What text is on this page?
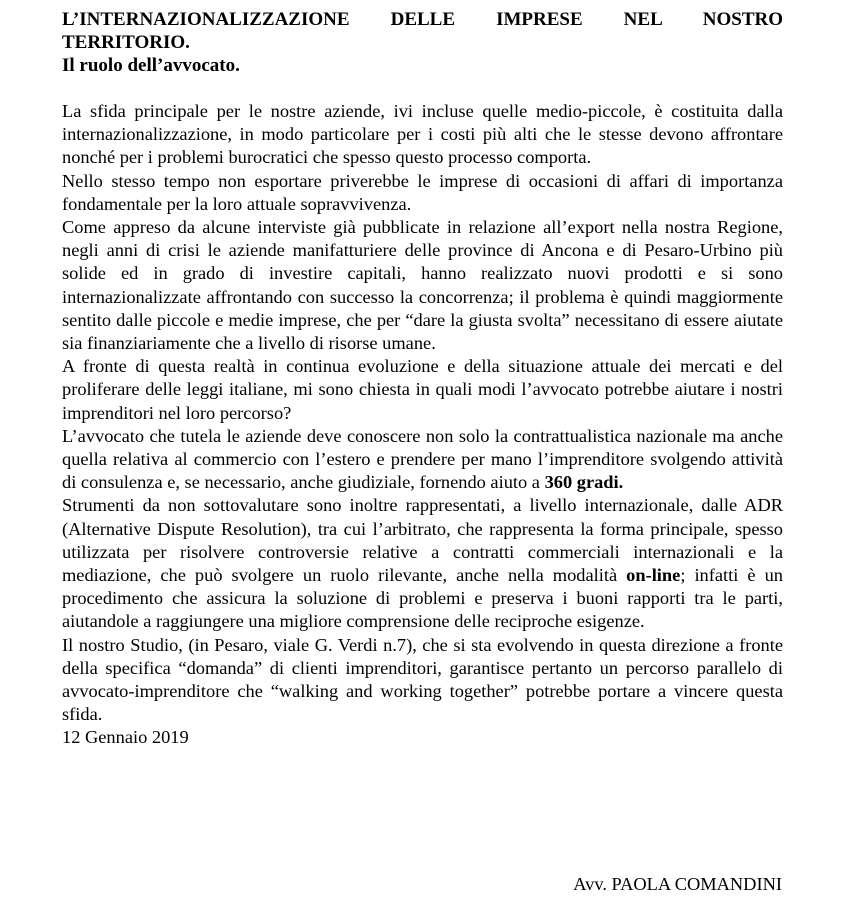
L’INTERNAZIONALIZZAZIONE DELLE IMPRESE NEL NOSTRO
TERRITORIO.

Il ruolo dell’avvocato.

La sfida principale per le nostre aziende, ivi incluse quelle medio-piccole, è costituita dalla internazionalizzazione, in modo particolare per i costi più alti che le stesse devono affrontare nonché per i problemi burocratici che spesso questo processo comporta.

Nello stesso tempo non esportare priverebbe le imprese di occasioni di affari di importanza fondamentale per la loro attuale sopravvivenza.

Come appreso da alcune interviste già pubblicate in relazione all’export nella nostra Regione, negli anni di crisi le aziende manifatturiere delle province di Ancona e di Pesaro-Urbino più solide ed in grado di investire capitali, hanno realizzato nuovi prodotti e si sono internazionalizzate affrontando con successo la concorrenza; il problema è quindi maggiormente sentito dalle piccole e medie imprese, che per “dare la giusta svolta” necessitano di essere aiutate sia finanziariamente che a livello di risorse umane.

A fronte di questa realtà in continua evoluzione e della situazione attuale dei mercati e del proliferare delle leggi italiane, mi sono chiesta in quali modi l’avvocato potrebbe aiutare i nostri imprenditori nel loro percorso?

L’avvocato che tutela le aziende deve conoscere non solo la contrattualistica nazionale ma anche quella relativa al commercio con l’estero e prendere per mano l’imprenditore svolgendo attività di consulenza e, se necessario, anche giudiziale, fornendo aiuto a 360 gradi.

Strumenti da non sottovalutare sono inoltre rappresentati, a livello internazionale, dalle ADR (Alternative Dispute Resolution), tra cui l’arbitrato, che rappresenta la forma principale, spesso utilizzata per risolvere controversie relative a contratti commerciali internazionali e la mediazione, che può svolgere un ruolo rilevante, anche nella modalità on-line; infatti è un procedimento che assicura la soluzione di problemi e preserva i buoni rapporti tra le parti, aiutandole a raggiungere una migliore comprensione delle reciproche esigenze.

Il nostro Studio, (in Pesaro, viale G. Verdi n.7), che si sta evolvendo in questa direzione a fronte della specifica “domanda” di clienti imprenditori, garantisce pertanto un percorso parallelo di avvocato-imprenditore che “walking and working together” potrebbe portare a vincere questa sfida.

12 Gennaio 2019

Avv. PAOLA COMANDINI
